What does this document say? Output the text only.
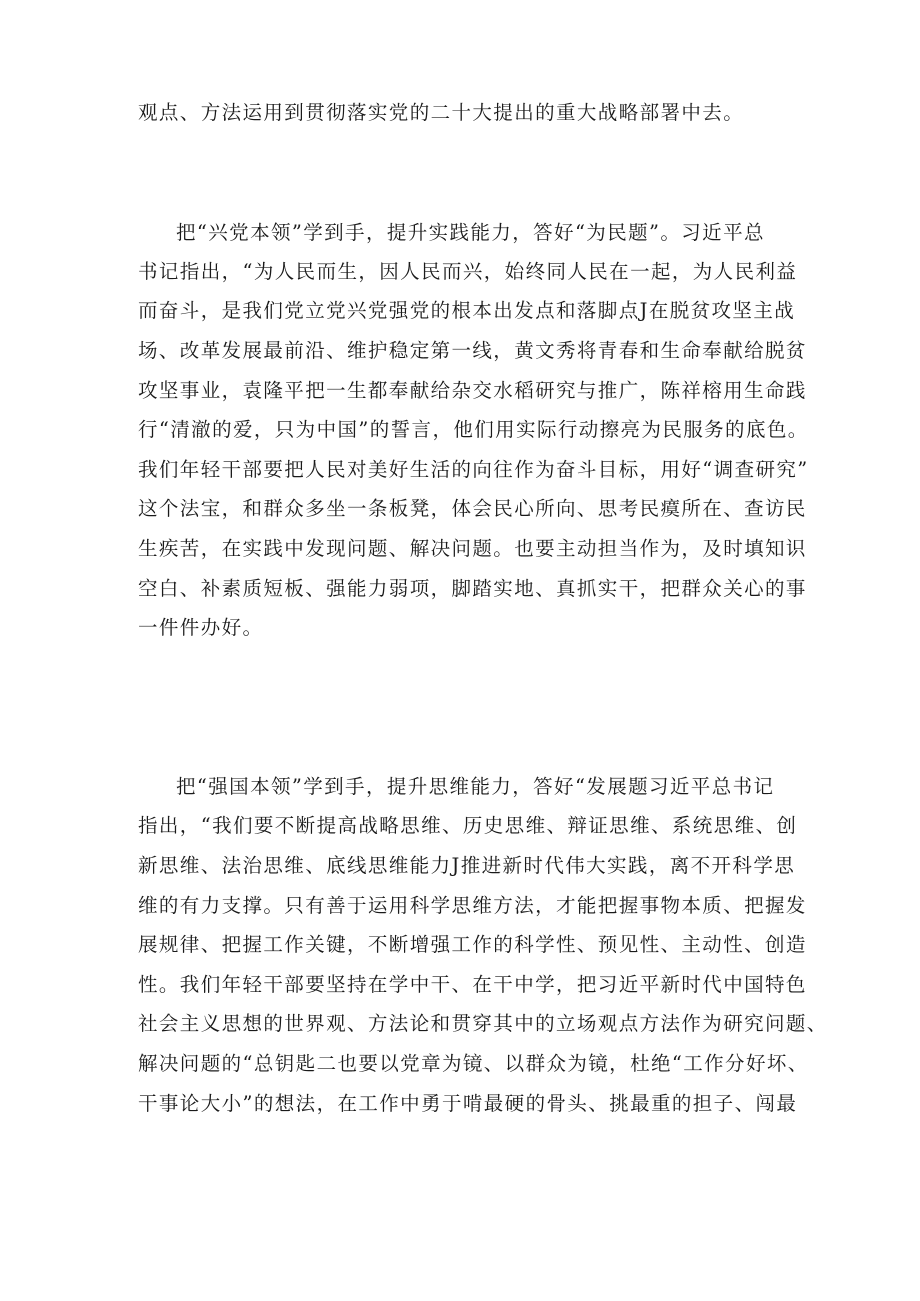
观点、方法运用到贯彻落实党的二十大提出的重大战略部署中去。
把“兴党本领”学到手，提升实践能力，答好“为民题”。习近平总
书记指出，“为人民而生，因人民而兴，始终同人民在一起，为人民利益
而奋斗，是我们党立党兴党强党的根本出发点和落脚点J在脱贫攻坚主战
场、改革发展最前沿、维护稳定第一线，黄文秀将青春和生命奉献给脱贫
攻坚事业，袁隆平把一生都奉献给杂交水稻研究与推广，陈祥榕用生命践
行“清澈的爱，只为中国”的誓言，他们用实际行动擦亮为民服务的底色。
我们年轻干部要把人民对美好生活的向往作为奋斗目标，用好“调查研究”
这个法宝，和群众多坐一条板凳，体会民心所向、思考民瘼所在、查访民
生疾苦，在实践中发现问题、解决问题。也要主动担当作为，及时填知识
空白、补素质短板、强能力弱项，脚踏实地、真抓实干，把群众关心的事
一件件办好。
把“强国本领”学到手，提升思维能力，答好“发展题习近平总书记
指出，“我们要不断提高战略思维、历史思维、辩证思维、系统思维、创
新思维、法治思维、底线思维能力J推进新时代伟大实践，离不开科学思
维的有力支撑。只有善于运用科学思维方法，才能把握事物本质、把握发
展规律、把握工作关键，不断增强工作的科学性、预见性、主动性、创造
性。我们年轻干部要坚持在学中干、在干中学，把习近平新时代中国特色
社会主义思想的世界观、方法论和贯穿其中的立场观点方法作为研究问题、
解决问题的“总钥匙二也要以党章为镜、以群众为镜，杜绝“工作分好坏、
干事论大小”的想法，在工作中勇于啃最硬的骨头、挑最重的担子、闯最
